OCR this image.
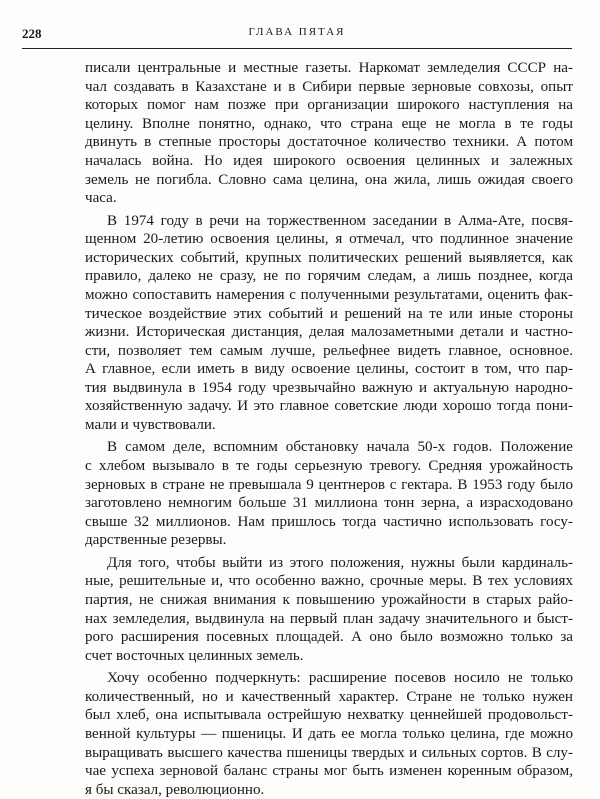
228	ГЛАВА ПЯТАЯ

писали центральные и местные газеты. Наркомат земледелия СССР на-
чал создавать в Казахстане и в Сибири первые зерновые совхозы, опыт
которых помог нам позже при организации широкого наступления на
целину. Вполне понятно, однако, что страна еще не могла в те годы
двинуть в степные просторы достаточное количество техники. А потом
началась война. Но идея широкого освоения целинных и залежных
земель не погибла. Словно сама целина, она жила, лишь ожидая своего
часа.

В 1974 году в речи на торжественном заседании в Алма-Ате, посвя-
щенном 20-летию освоения целины, я отмечал, что подлинное значение
исторических событий, крупных политических решений выявляется, как
правило, далеко не сразу, не по горячим следам, а лишь позднее, когда
можно сопоставить намерения с полученными результатами, оценить фак-
тическое воздействие этих событий и решений на те или иные стороны
жизни. Историческая дистанция, делая малозаметными детали и частно-
сти, позволяет тем самым лучше, рельефнее видеть главное, основное.
А главное, если иметь в виду освоение целины, состоит в том, что пар-
тия выдвинула в 1954 году чрезвычайно важную и актуальную народно-
хозяйственную задачу. И это главное советские люди хорошо тогда пони-
мали и чувствовали.

В самом деле, вспомним обстановку начала 50-х годов. Положение
с хлебом вызывало в те годы серьезную тревогу. Средняя урожайность
зерновых в стране не превышала 9 центнеров с гектара. В 1953 году было
заготовлено немногим больше 31 миллиона тонн зерна, а израсходовано
свыше 32 миллионов. Нам пришлось тогда частично использовать госу-
дарственные резервы.

Для того, чтобы выйти из этого положения, нужны были кардиналь-
ные, решительные и, что особенно важно, срочные меры. В тех условиях
партия, не снижая внимания к повышению урожайности в старых райо-
нах земледелия, выдвинула на первый план задачу значительного и быст-
рого расширения посевных площадей. А оно было возможно только за
счет восточных целинных земель.

Хочу особенно подчеркнуть: расширение посевов носило не только
количественный, но и качественный характер. Стране не только нужен
был хлеб, она испытывала острейшую нехватку ценнейшей продовольст-
венной культуры — пшеницы. И дать ее могла только целина, где можно
выращивать высшего качества пшеницы твердых и сильных сортов. В слу-
чае успеха зерновой баланс страны мог быть изменен коренным образом,
я бы сказал, революционно.
